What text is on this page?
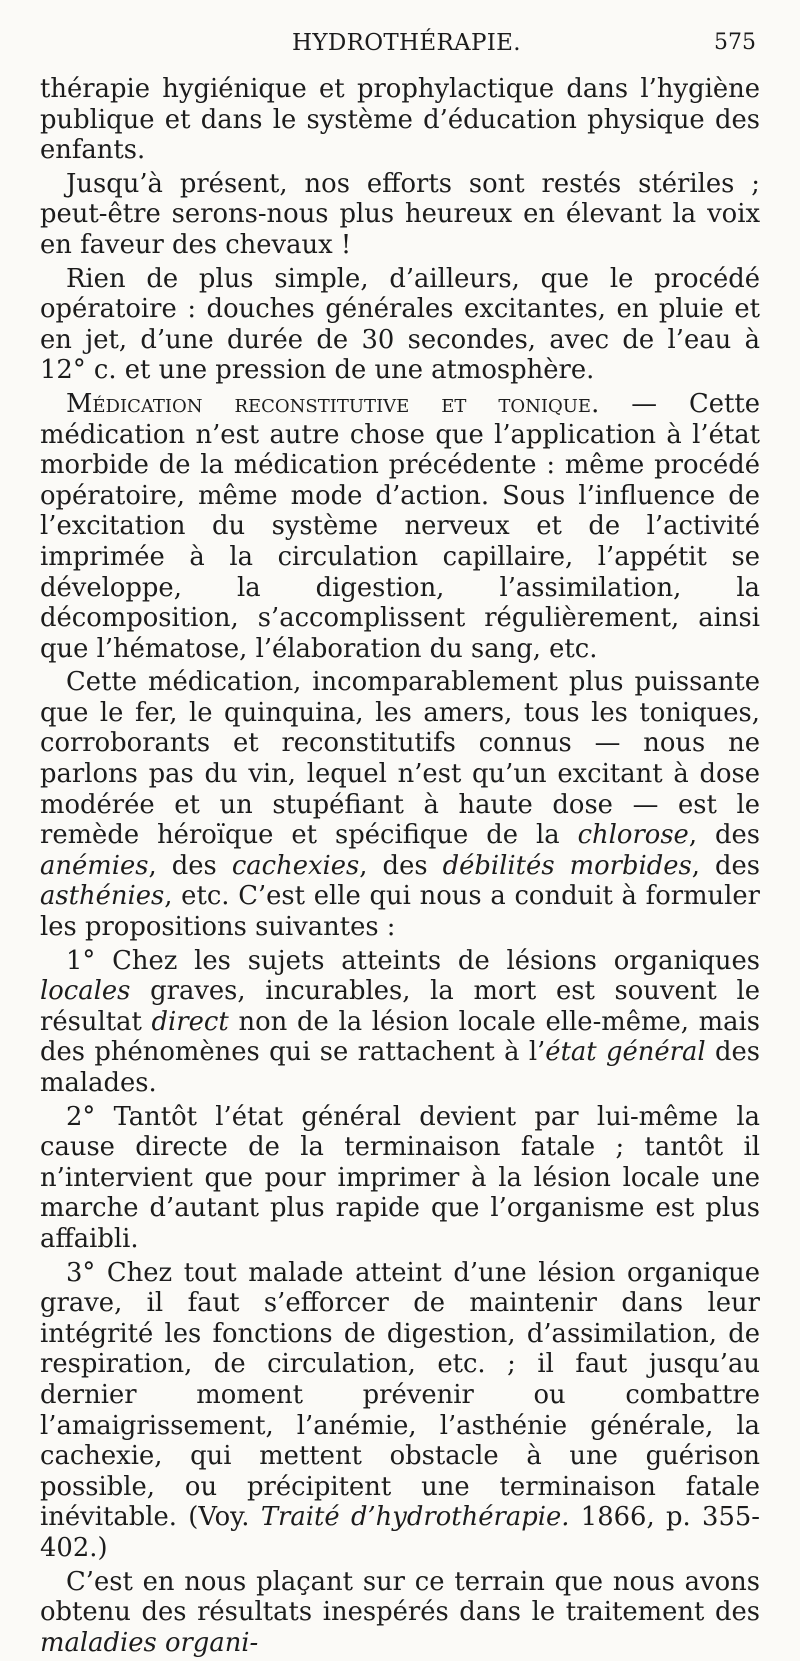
HYDROTHÉRAPIE.	575

thérapie hygiénique et prophylactique dans l’hygiène publique et dans le système d’éducation physique des enfants.

Jusqu’à présent, nos efforts sont restés stériles ; peut-être serons-nous plus heureux en élevant la voix en faveur des chevaux !

Rien de plus simple, d’ailleurs, que le procédé opératoire : douches générales excitantes, en pluie et en jet, d’une durée de 30 secondes, avec de l’eau à 12° c. et une pression de une atmosphère.

Médication reconstitutive et tonique. — Cette médication n’est autre chose que l’application à l’état morbide de la médication précédente : même procédé opératoire, même mode d’action. Sous l’influence de l’excitation du système nerveux et de l’activité imprimée à la circulation capillaire, l’appétit se développe, la digestion, l’assimilation, la décomposition, s’accomplissent régulièrement, ainsi que l’hématose, l’élaboration du sang, etc.

Cette médication, incomparablement plus puissante que le fer, le quinquina, les amers, tous les toniques, corroborants et reconstitutifs connus — nous ne parlons pas du vin, lequel n’est qu’un excitant à dose modérée et un stupéfiant à haute dose — est le remède héroïque et spécifique de la chlorose, des anémies, des cachexies, des débilités morbides, des asthénies, etc. C’est elle qui nous a conduit à formuler les propositions suivantes :

1° Chez les sujets atteints de lésions organiques locales graves, incurables, la mort est souvent le résultat direct non de la lésion locale elle-même, mais des phénomènes qui se rattachent à l’état général des malades.

2° Tantôt l’état général devient par lui-même la cause directe de la terminaison fatale ; tantôt il n’intervient que pour imprimer à la lésion locale une marche d’autant plus rapide que l’organisme est plus affaibli.

3° Chez tout malade atteint d’une lésion organique grave, il faut s’efforcer de maintenir dans leur intégrité les fonctions de digestion, d’assimilation, de respiration, de circulation, etc. ; il faut jusqu’au dernier moment prévenir ou combattre l’amaigrissement, l’anémie, l’asthénie générale, la cachexie, qui mettent obstacle à une guérison possible, ou précipitent une terminaison fatale inévitable. (Voy. Traité d’hydrothérapie. 1866, p. 355-402.)

C’est en nous plaçant sur ce terrain que nous avons obtenu des résultats inespérés dans le traitement des maladies organi-
